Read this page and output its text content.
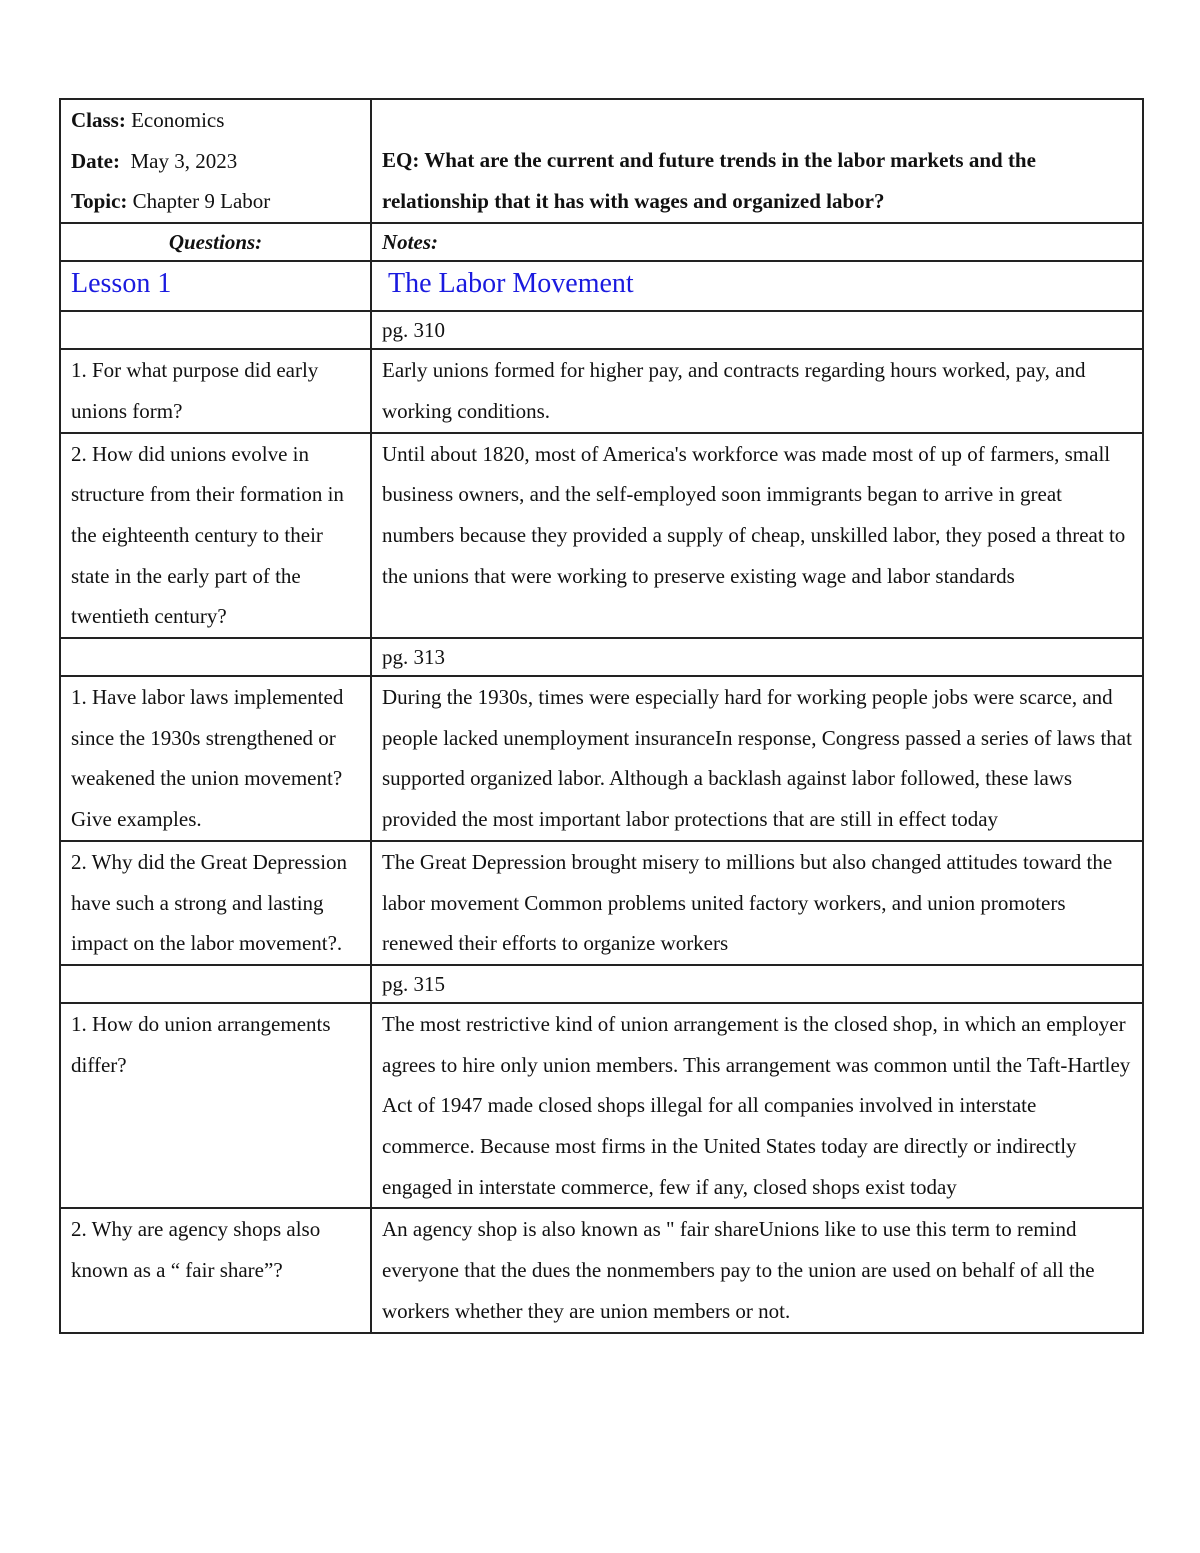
Class: Economics
Date: May 3, 2023
Topic: Chapter 9 Labor	EQ: What are the current and future trends in the labor markets and the relationship that it has with wages and organized labor?

Questions:	Notes:
Lesson 1	The Labor Movement
	pg. 310
1. For what purpose did early unions form?	Early unions formed for higher pay, and contracts regarding hours worked, pay, and working conditions.
2. How did unions evolve in structure from their formation in the eighteenth century to their state in the early part of the twentieth century?	Until about 1820, most of America's workforce was made most of up of farmers, small business owners, and the self-employed soon immigrants began to arrive in great numbers because they provided a supply of cheap, unskilled labor, they posed a threat to the unions that were working to preserve existing wage and labor standards
	pg. 313
1. Have labor laws implemented since the 1930s strengthened or weakened the union movement? Give examples.	During the 1930s, times were especially hard for working people jobs were scarce, and people lacked unemployment insuranceIn response, Congress passed a series of laws that supported organized labor. Although a backlash against labor followed, these laws provided the most important labor protections that are still in effect today
2. Why did the Great Depression have such a strong and lasting impact on the labor movement?.	The Great Depression brought misery to millions but also changed attitudes toward the labor movement Common problems united factory workers, and union promoters renewed their efforts to organize workers
	pg. 315
1. How do union arrangements differ?	The most restrictive kind of union arrangement is the closed shop, in which an employer agrees to hire only union members. This arrangement was common until the Taft-Hartley Act of 1947 made closed shops illegal for all companies involved in interstate commerce. Because most firms in the United States today are directly or indirectly engaged in interstate commerce, few if any, closed shops exist today
2. Why are agency shops also known as a “ fair share”?	An agency shop is also known as " fair shareUnions like to use this term to remind everyone that the dues the nonmembers pay to the union are used on behalf of all the workers whether they are union members or not.
